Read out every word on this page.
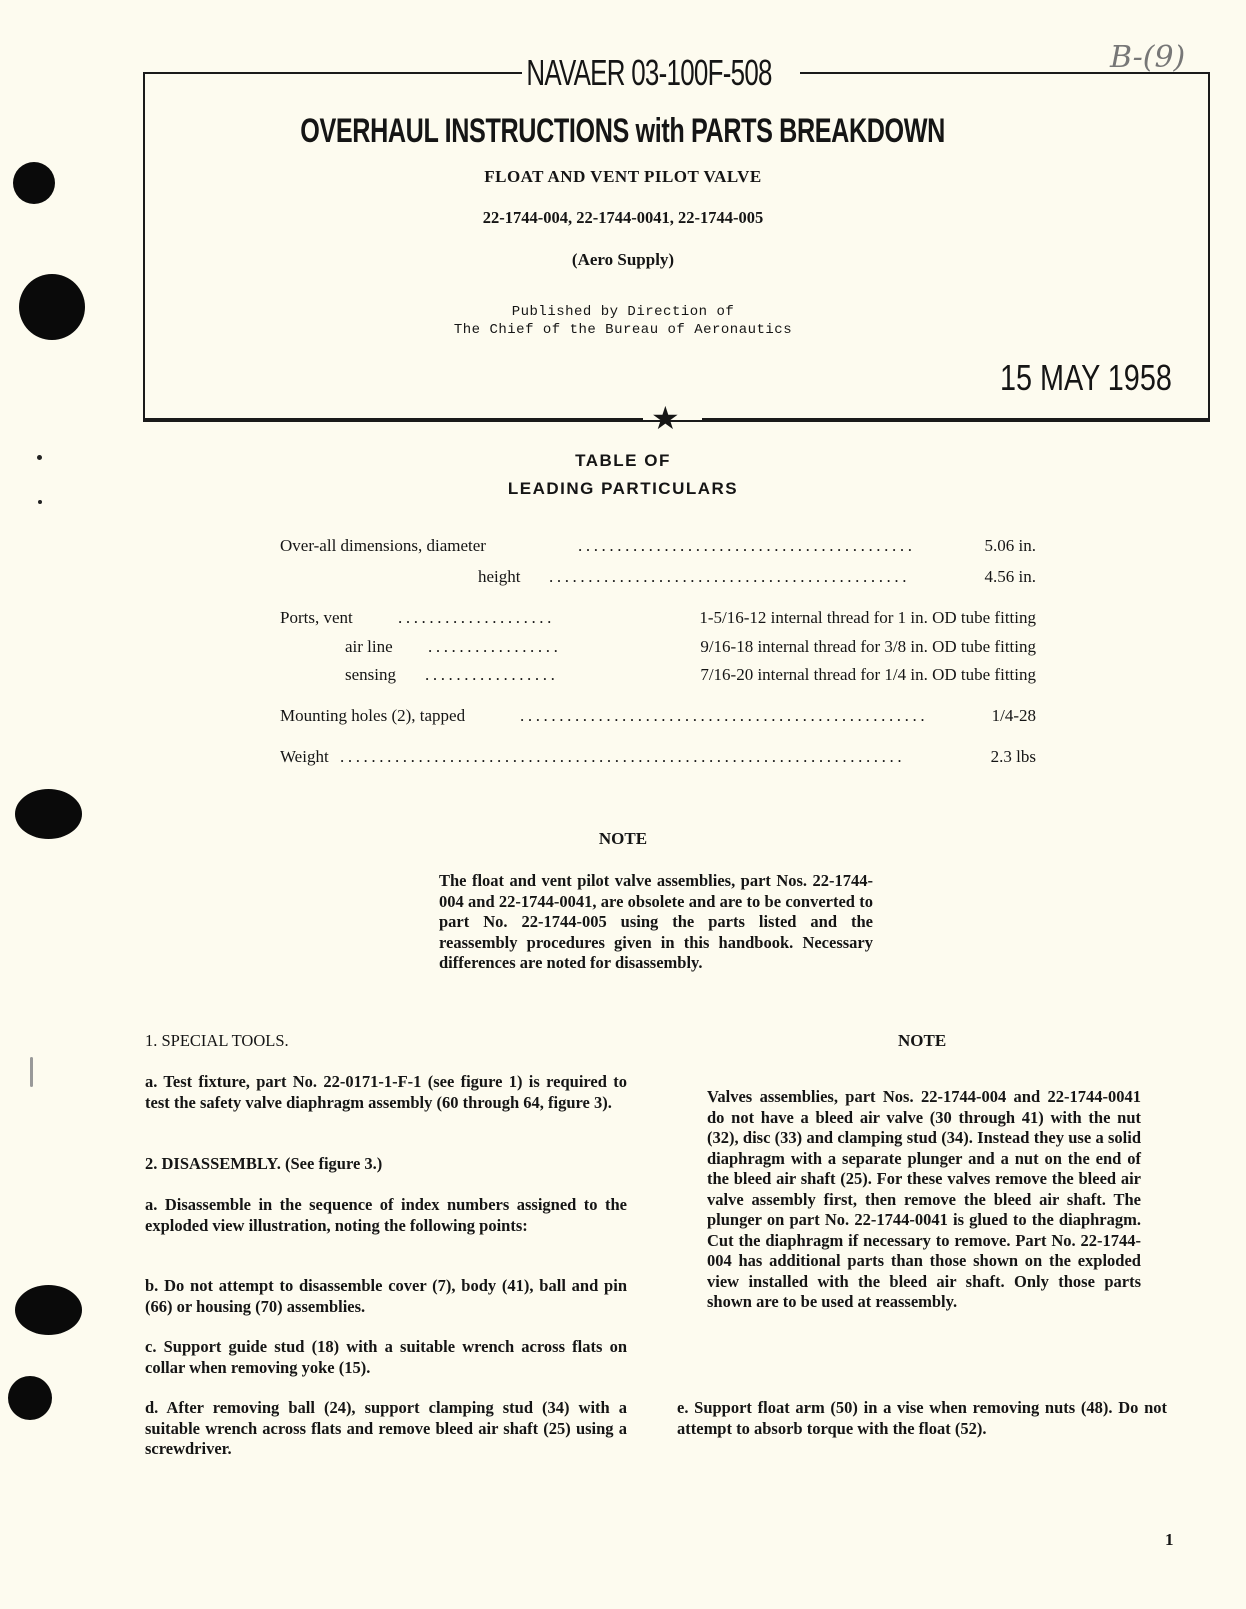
NAVAER 03-100F-508	B-(9)
OVERHAUL INSTRUCTIONS with PARTS BREAKDOWN
FLOAT AND VENT PILOT VALVE
22-1744-004, 22-1744-0041, 22-1744-005
(Aero Supply)
Published by Direction of
The Chief of the Bureau of Aeronautics
15 MAY 1958
★
TABLE OF
LEADING PARTICULARS
Over-all dimensions, diameter	...........................................	5.06 in.
height ..............................................	4.56 in.
Ports, vent	....................	1-5/16-12 internal thread for 1 in. OD tube fitting
air line .................	9/16-18 internal thread for 3/8 in. OD tube fitting
sensing .................	7/16-20 internal thread for 1/4 in. OD tube fitting
Mounting holes (2), tapped	....................................................	1/4-28
Weight ........................................................................	2.3 lbs
NOTE
The float and vent pilot valve assemblies, part Nos. 22-1744-004 and 22-1744-0041, are obsolete and are to be converted to part No. 22-1744-005 using the parts listed and the reassembly procedures given in this handbook. Necessary differences are noted for disassembly.
1. SPECIAL TOOLS.
a. Test fixture, part No. 22-0171-1-F-1 (see figure 1) is required to test the safety valve diaphragm assembly (60 through 64, figure 3).
2. DISASSEMBLY. (See figure 3.)
a. Disassemble in the sequence of index numbers assigned to the exploded view illustration, noting the following points:
b. Do not attempt to disassemble cover (7), body (41), ball and pin (66) or housing (70) assemblies.
c. Support guide stud (18) with a suitable wrench across flats on collar when removing yoke (15).
d. After removing ball (24), support clamping stud (34) with a suitable wrench across flats and remove bleed air shaft (25) using a screwdriver.
NOTE
Valves assemblies, part Nos. 22-1744-004 and 22-1744-0041 do not have a bleed air valve (30 through 41) with the nut (32), disc (33) and clamping stud (34). Instead they use a solid diaphragm with a separate plunger and a nut on the end of the bleed air shaft (25). For these valves remove the bleed air valve assembly first, then remove the bleed air shaft. The plunger on part No. 22-1744-0041 is glued to the diaphragm. Cut the diaphragm if necessary to remove. Part No. 22-1744-004 has additional parts than those shown on the exploded view installed with the bleed air shaft. Only those parts shown are to be used at reassembly.
e. Support float arm (50) in a vise when removing nuts (48). Do not attempt to absorb torque with the float (52).
1
